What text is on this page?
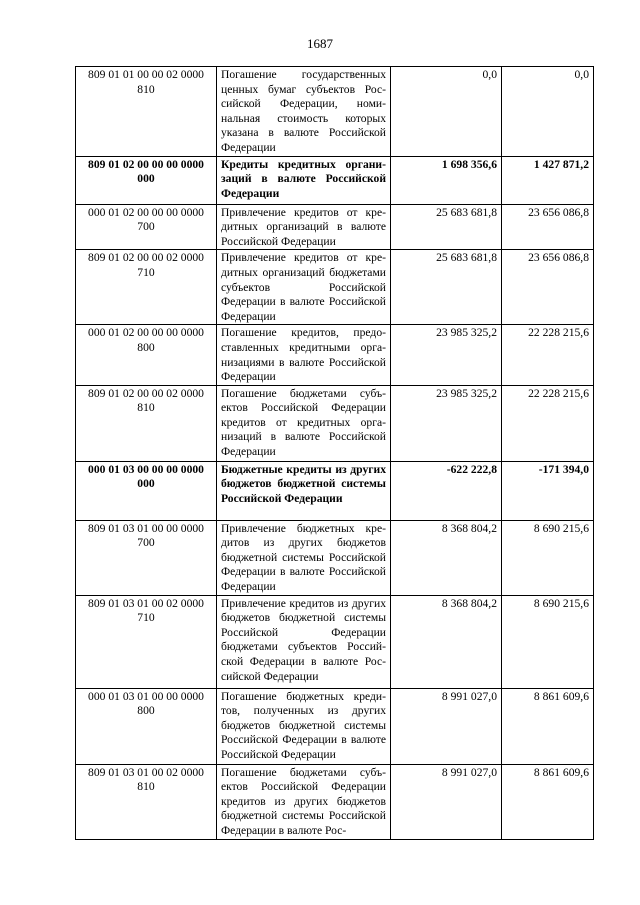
1687
809 01 01 00 00 02 0000 810	Погашение государственных ценных бумаг субъектов Российской Федерации, номинальная стоимость которых указана в валюте Российской Федерации	0,0	0,0
809 01 02 00 00 00 0000 000	Кредиты кредитных организаций в валюте Российской Федерации	1 698 356,6	1 427 871,2
000 01 02 00 00 00 0000 700	Привлечение кредитов от кредитных организаций в валюте Российской Федерации	25 683 681,8	23 656 086,8
809 01 02 00 00 02 0000 710	Привлечение кредитов от кредитных организаций бюджетами субъектов Российской Федерации в валюте Российской Федерации	25 683 681,8	23 656 086,8
000 01 02 00 00 00 0000 800	Погашение кредитов, предоставленных кредитными организациями в валюте Российской Федерации	23 985 325,2	22 228 215,6
809 01 02 00 00 02 0000 810	Погашение бюджетами субъектов Российской Федерации кредитов от кредитных организаций в валюте Российской Федерации	23 985 325,2	22 228 215,6
000 01 03 00 00 00 0000 000	Бюджетные кредиты из других бюджетов бюджетной системы Российской Федерации	-622 222,8	-171 394,0
809 01 03 01 00 00 0000 700	Привлечение бюджетных кредитов из других бюджетов бюджетной системы Российской Федерации в валюте Российской Федерации	8 368 804,2	8 690 215,6
809 01 03 01 00 02 0000 710	Привлечение кредитов из других бюджетов бюджетной системы Российской Федерации бюджетами субъектов Российской Федерации в валюте Российской Федерации	8 368 804,2	8 690 215,6
000 01 03 01 00 00 0000 800	Погашение бюджетных кредитов, полученных из других бюджетов бюджетной системы Российской Федерации в валюте Российской Федерации	8 991 027,0	8 861 609,6
809 01 03 01 00 02 0000 810	Погашение бюджетами субъектов Российской Федерации кредитов из других бюджетов бюджетной системы Российской Федерации в валюте Рос-	8 991 027,0	8 861 609,6
